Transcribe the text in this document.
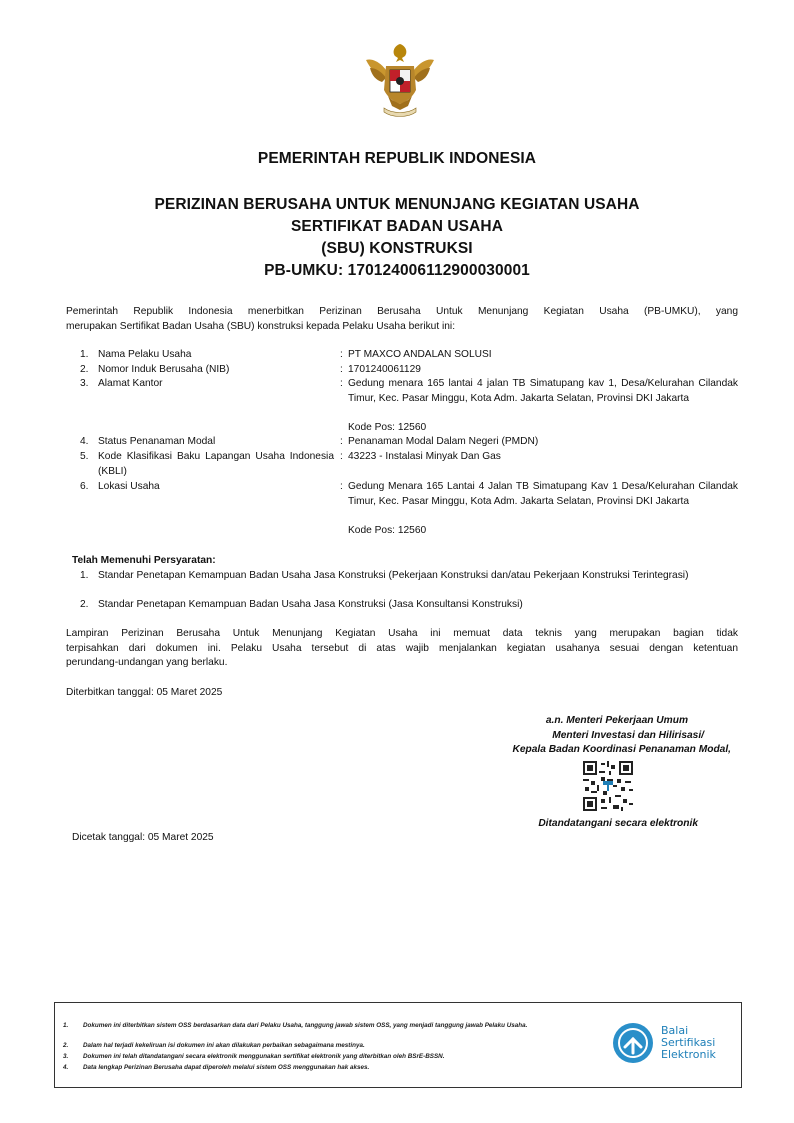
PEMERINTAH REPUBLIK INDONESIA
PERIZINAN BERUSAHA UNTUK MENUNJANG KEGIATAN USAHA
SERTIFIKAT BADAN USAHA
(SBU) KONSTRUKSI
PB-UMKU: 170124006112900030001
Pemerintah Republik Indonesia menerbitkan Perizinan Berusaha Untuk Menunjang Kegiatan Usaha (PB-UMKU), yang
merupakan Sertifikat Badan Usaha (SBU) konstruksi kepada Pelaku Usaha berikut ini:
1. Nama Pelaku Usaha	: PT MAXCO ANDALAN SOLUSI
2. Nomor Induk Berusaha (NIB)	: 1701240061129
3. Alamat Kantor	: Gedung menara 165 lantai 4 jalan TB Simatupang kav 1, Desa/Kelurahan Cilandak Timur, Kec. Pasar Minggu, Kota Adm. Jakarta Selatan, Provinsi DKI Jakarta
Kode Pos: 12560
4. Status Penanaman Modal	: Penanaman Modal Dalam Negeri (PMDN)
5. Kode Klasifikasi Baku Lapangan Usaha Indonesia (KBLI)
: 43223 - Instalasi Minyak Dan Gas
6. Lokasi Usaha	: Gedung Menara 165 Lantai 4 Jalan TB Simatupang Kav 1 Desa/Kelurahan Cilandak Timur, Kec. Pasar Minggu, Kota Adm. Jakarta Selatan, Provinsi DKI Jakarta
Kode Pos: 12560
Telah Memenuhi Persyaratan:
1. Standar Penetapan Kemampuan Badan Usaha Jasa Konstruksi (Pekerjaan Konstruksi dan/atau Pekerjaan Konstruksi Terintegrasi)
2. Standar Penetapan Kemampuan Badan Usaha Jasa Konstruksi (Jasa Konsultansi Konstruksi)
Lampiran Perizinan Berusaha Untuk Menunjang Kegiatan Usaha ini memuat data teknis yang merupakan bagian tidak
terpisahkan dari dokumen ini. Pelaku Usaha tersebut di atas wajib menjalankan kegiatan usahanya sesuai dengan ketentuan
perundang-undangan yang berlaku.
Diterbitkan tanggal: 05 Maret 2025
a.n. Menteri Pekerjaan Umum
Menteri Investasi dan Hilirisasi/
Kepala Badan Koordinasi Penanaman Modal,
Ditandatangani secara elektronik
Dicetak tanggal: 05 Maret 2025
1. Dokumen ini diterbitkan sistem OSS berdasarkan data dari Pelaku Usaha, tanggung jawab sistem OSS, yang menjadi tanggung jawab Pelaku Usaha.
2. Dalam hal terjadi kekeliruan isi dokumen ini akan dilakukan perbaikan sebagaimana mestinya.
3. Dokumen ini telah ditandatangani secara elektronik menggunakan sertifikat elektronik yang diterbitkan oleh BSrE-BSSN.
4. Data lengkap Perizinan Berusaha dapat diperoleh melalui sistem OSS menggunakan hak akses.
Balai
Sertifikasi
Elektronik
